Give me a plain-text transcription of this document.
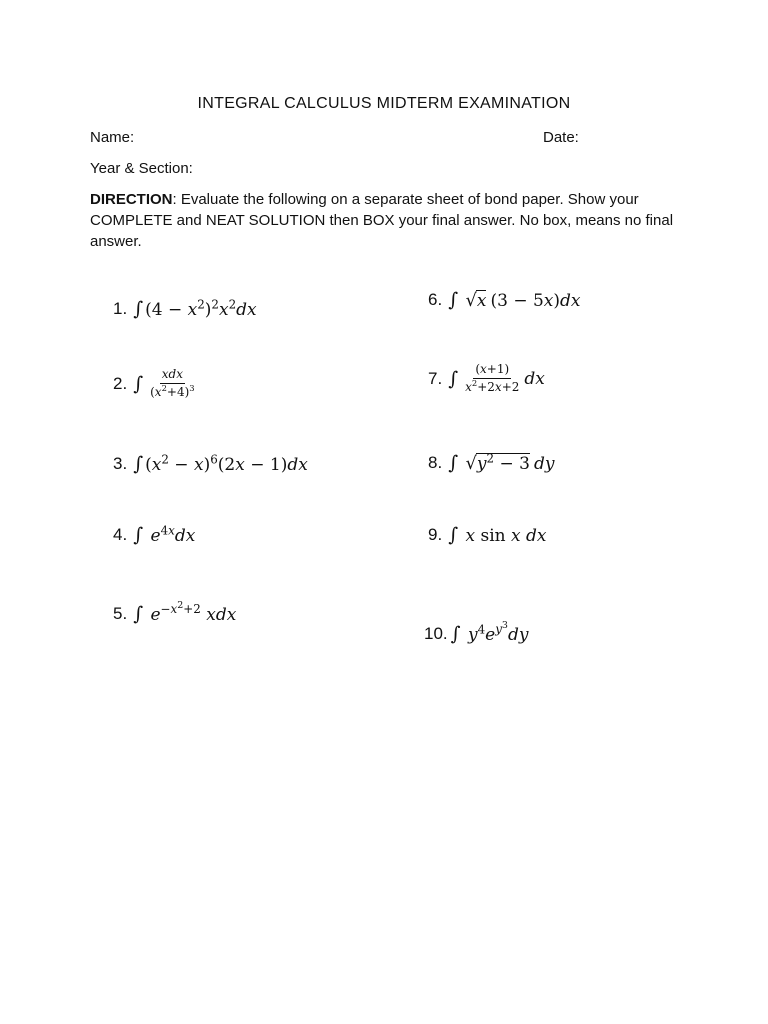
INTEGRAL CALCULUS MIDTERM EXAMINATION
Name:	Date:
Year & Section:
DIRECTION: Evaluate the following on a separate sheet of bond paper. Show your COMPLETE and NEAT SOLUTION then BOX your final answer. No box, means no final answer.
1. ∫ $(4 - x^2)^2x^2dx$
2. ∫ $\frac{\text{xdx}}{(x^2+4)^3}$
3. ∫ $(x^2 - x)^6(2x - 1)dx$
4. ∫ $e^{4x}dx$
5. ∫ $e^{-x^2+2}$ xdx
6. ∫ √x (3 − 5x)dx
7. ∫ $\frac{(x+1)}{x^2+2x+2}$ dx
8. ∫ $√y^2 - 3$ dy
9. ∫ x sin x dx
10. ∫ $y^4e^{y^3}dy$
